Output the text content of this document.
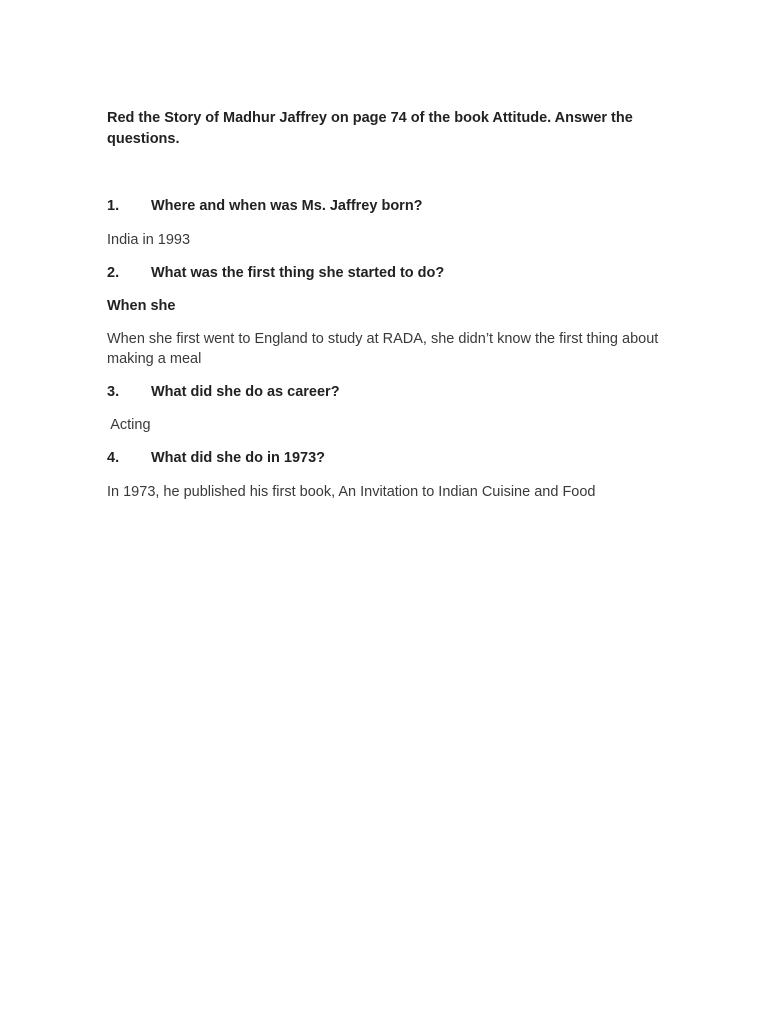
Red the Story of Madhur Jaffrey on page 74 of the book Attitude. Answer the questions.

1.	Where and when was Ms. Jaffrey born?
India in 1993
2.	What was the first thing she started to do?
When she
When she first went to England to study at RADA, she didn’t know the first thing about making a meal
3.	What did she do as career?
Acting
4.	What did she do in 1973?
In 1973, he published his first book, An Invitation to Indian Cuisine and Food
